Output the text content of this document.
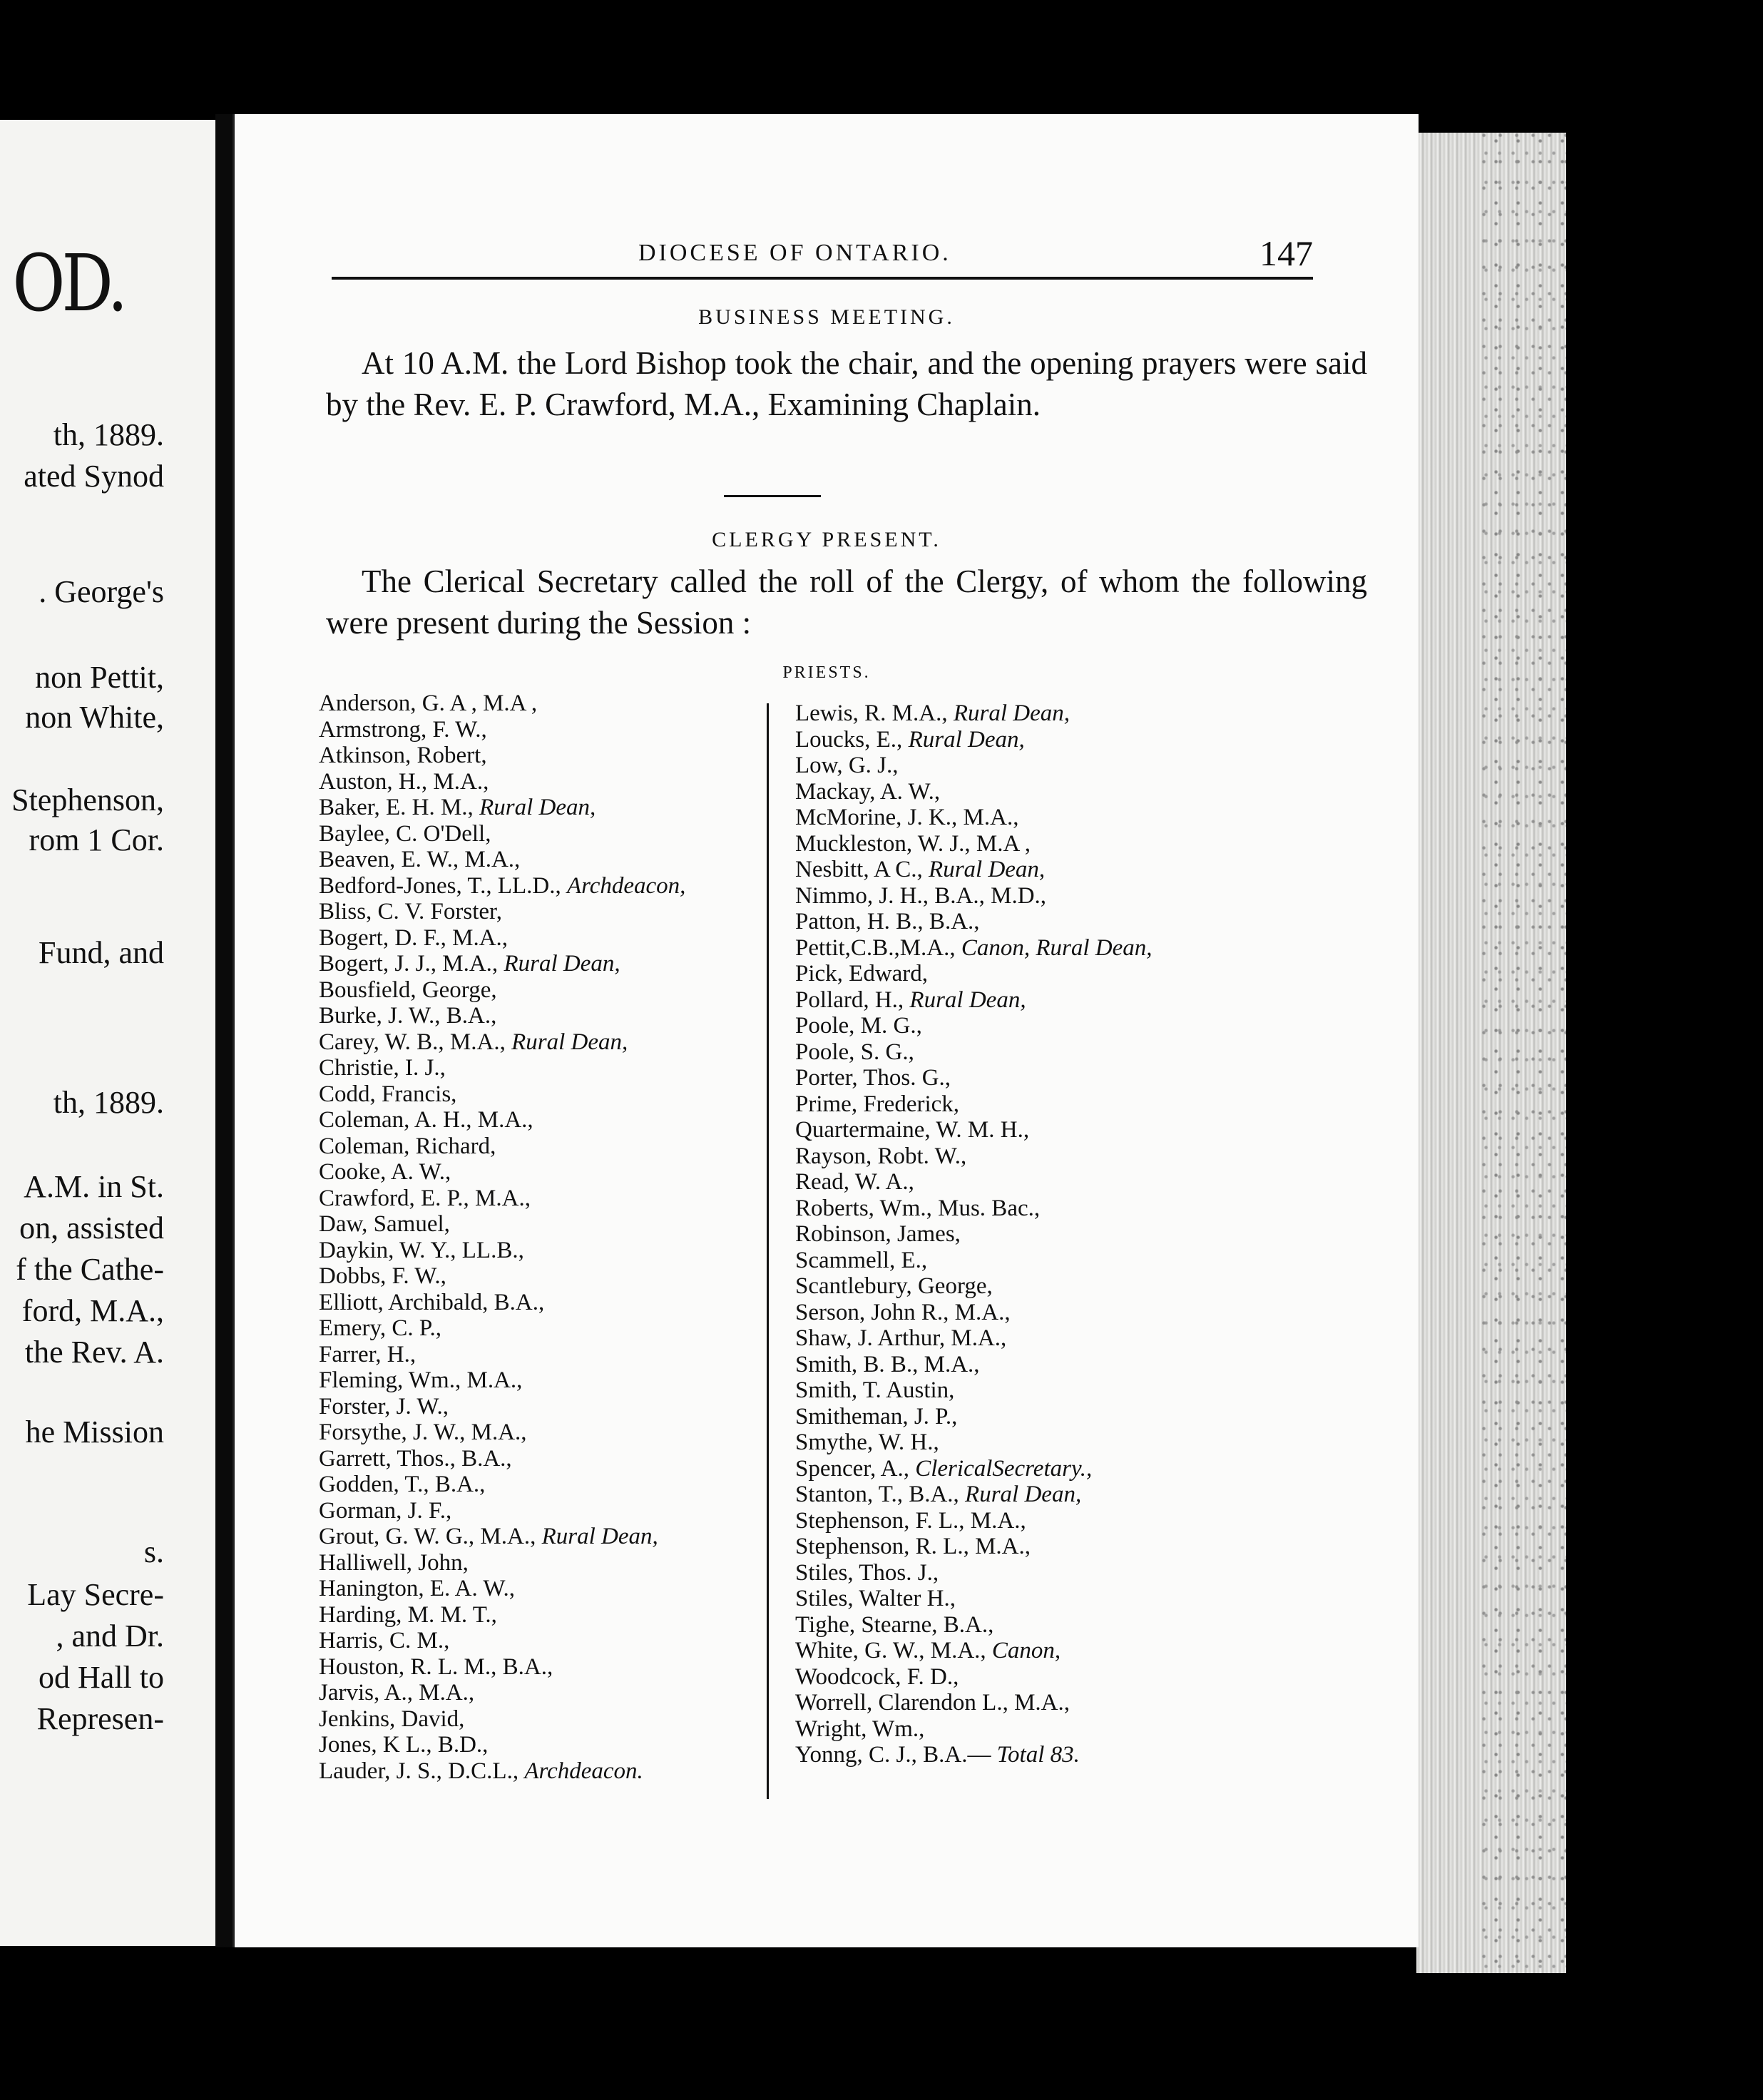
OD.
th, 1889.
ated Synod
. George's
non Pettit,
non White,
Stephenson,
rom 1 Cor.
Fund, and
th, 1889.
A.M. in St.
on, assisted
f the Cathe-
ford, M.A.,
the Rev. A.
he Mission
s.
Lay Secre-
, and Dr.
od Hall to
Represen-
DIOCESE OF ONTARIO.	147
BUSINESS MEETING.

At 10 A.M. the Lord Bishop took the chair, and the opening prayers were said by the Rev. E. P. Crawford, M.A., Examining Chaplain.

CLERGY PRESENT.

The Clerical Secretary called the roll of the Clergy, of whom the following were present during the Session :

PRIESTS.
Anderson, G. A , M.A ,
Armstrong, F. W.,
Atkinson, Robert,
Auston, H., M.A.,
Baker, E. H. M., Rural Dean,
Baylee, C. O'Dell,
Beaven, E. W., M.A.,
Bedford-Jones, T., LL.D., Archdeacon,
Bliss, C. V. Forster,
Bogert, D. F., M.A.,
Bogert, J. J., M.A., Rural Dean,
Bousfield, George,
Burke, J. W., B.A.,
Carey, W. B., M.A., Rural Dean,
Christie, I. J.,
Codd, Francis,
Coleman, A. H., M.A.,
Coleman, Richard,
Cooke, A. W.,
Crawford, E. P., M.A.,
Daw, Samuel,
Daykin, W. Y., LL.B.,
Dobbs, F. W.,
Elliott, Archibald, B.A.,
Emery, C. P.,
Farrer, H.,
Fleming, Wm., M.A.,
Forster, J. W.,
Forsythe, J. W., M.A.,
Garrett, Thos., B.A.,
Godden, T., B.A.,
Gorman, J. F.,
Grout, G. W. G., M.A., Rural Dean,
Halliwell, John,
Hanington, E. A. W.,
Harding, M. M. T.,
Harris, C. M.,
Houston, R. L. M., B.A.,
Jarvis, A., M.A.,
Jenkins, David,
Jones, K L., B.D.,
Lauder, J. S., D.C.L., Archdeacon.
Lewis, R. M.A., Rural Dean,
Loucks, E., Rural Dean,
Low, G. J.,
Mackay, A. W.,
McMorine, J. K., M.A.,
Muckleston, W. J., M.A ,
Nesbitt, A C., Rural Dean,
Nimmo, J. H., B.A., M.D.,
Patton, H. B., B.A.,
Pettit,C.B.,M.A., Canon, Rural Dean,
Pick, Edward,
Pollard, H., Rural Dean,
Poole, M. G.,
Poole, S. G.,
Porter, Thos. G.,
Prime, Frederick,
Quartermaine, W. M. H.,
Rayson, Robt. W.,
Read, W. A.,
Roberts, Wm., Mus. Bac.,
Robinson, James,
Scammell, E.,
Scantlebury, George,
Serson, John R., M.A.,
Shaw, J. Arthur, M.A.,
Smith, B. B., M.A.,
Smith, T. Austin,
Smitheman, J. P.,
Smythe, W. H.,
Spencer, A., ClericalSecretary.,
Stanton, T., B.A., Rural Dean,
Stephenson, F. L., M.A.,
Stephenson, R. L., M.A.,
Stiles, Thos. J.,
Stiles, Walter H.,
Tighe, Stearne, B.A.,
White, G. W., M.A., Canon,
Woodcock, F. D.,
Worrell, Clarendon L., M.A.,
Wright, Wm.,
Yonng, C. J., B.A.— Total 83.
